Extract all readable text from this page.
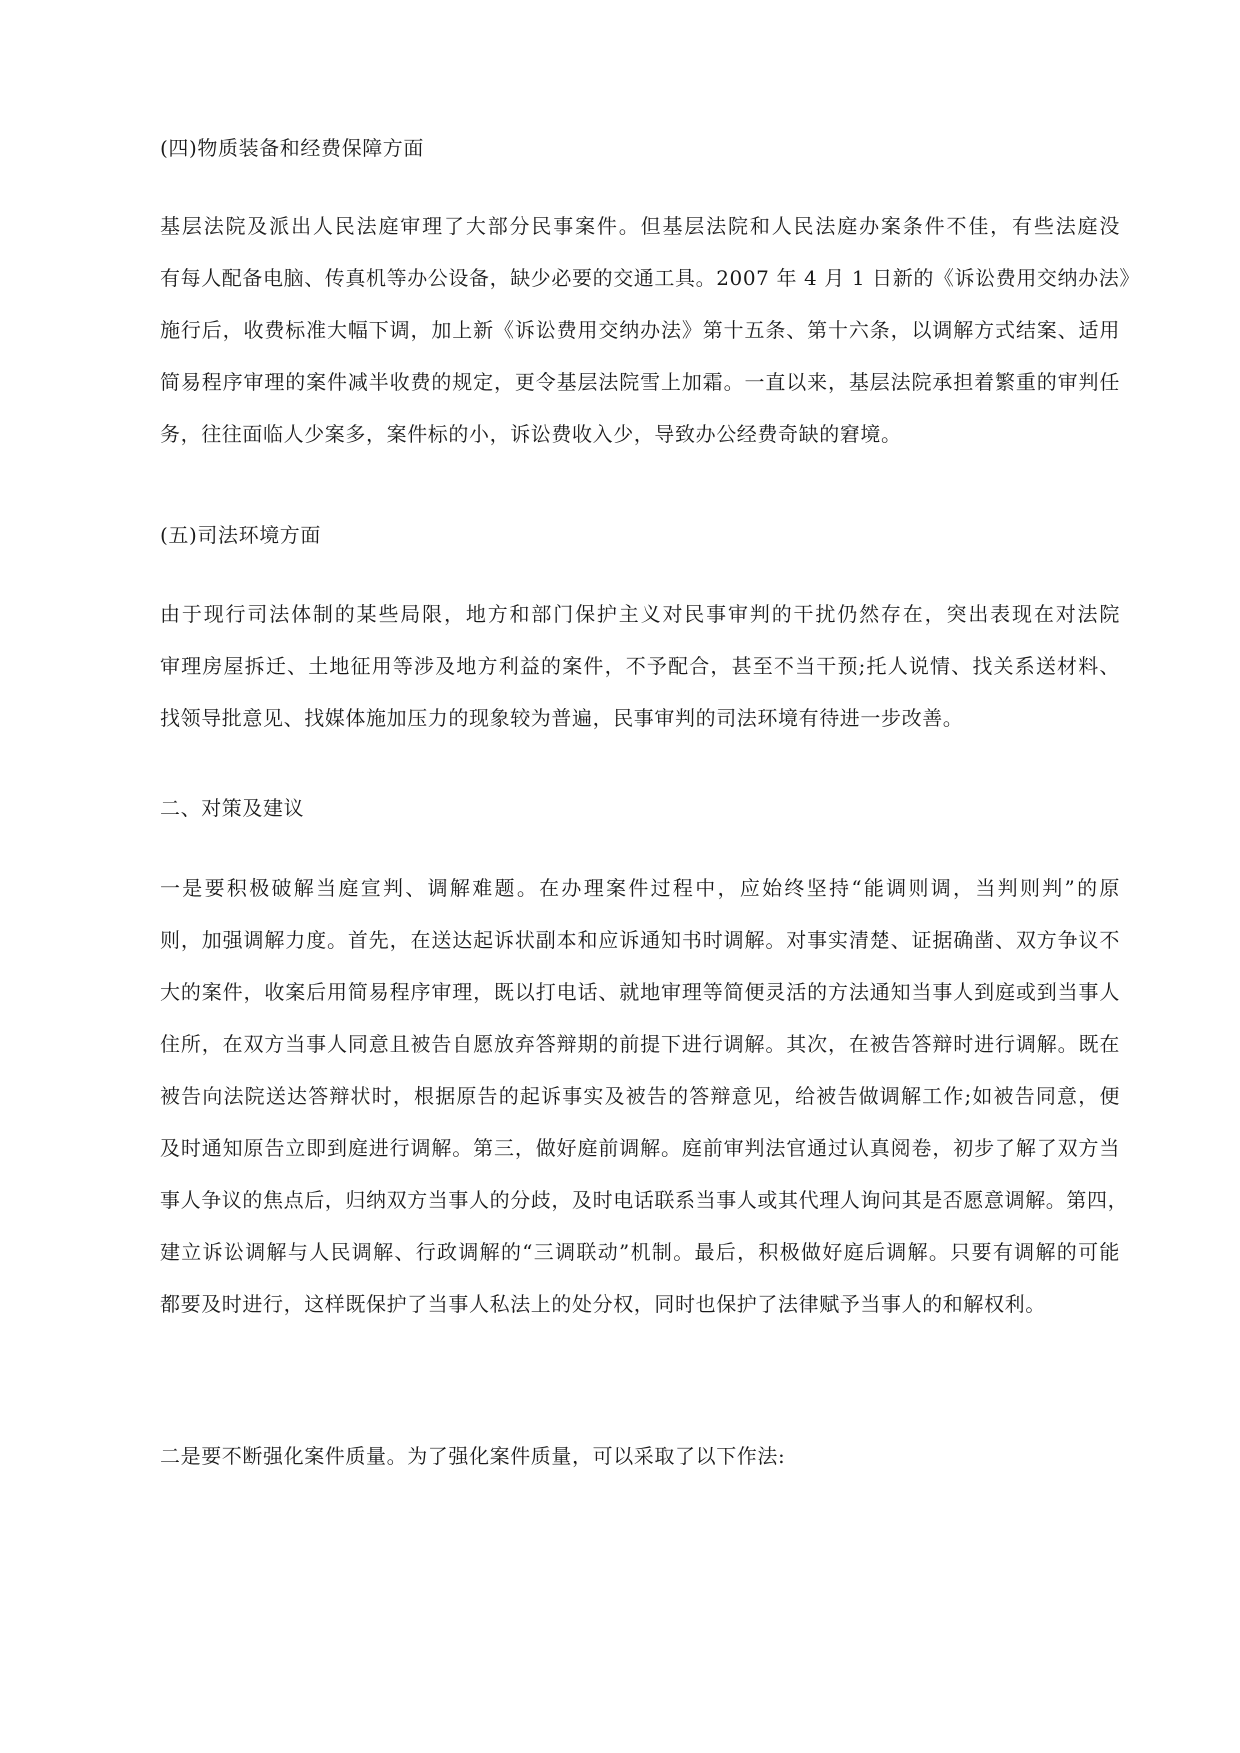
(四)物质装备和经费保障方面
基层法院及派出人民法庭审理了大部分民事案件。但基层法院和人民法庭办案条件不佳，有些法庭没
有每人配备电脑、传真机等办公设备，缺少必要的交通工具。2007 年 4 月 1 日新的《诉讼费用交纳办法》
施行后，收费标准大幅下调，加上新《诉讼费用交纳办法》第十五条、第十六条，以调解方式结案、适用
简易程序审理的案件减半收费的规定，更令基层法院雪上加霜。一直以来，基层法院承担着繁重的审判任
务，往往面临人少案多，案件标的小，诉讼费收入少，导致办公经费奇缺的窘境。
(五)司法环境方面
由于现行司法体制的某些局限，地方和部门保护主义对民事审判的干扰仍然存在，突出表现在对法院
审理房屋拆迁、土地征用等涉及地方利益的案件，不予配合，甚至不当干预;托人说情、找关系送材料、
找领导批意见、找媒体施加压力的现象较为普遍，民事审判的司法环境有待进一步改善。
二、对策及建议
一是要积极破解当庭宣判、调解难题。在办理案件过程中，应始终坚持“能调则调，当判则判”的原
则，加强调解力度。首先，在送达起诉状副本和应诉通知书时调解。对事实清楚、证据确凿、双方争议不
大的案件，收案后用简易程序审理，既以打电话、就地审理等简便灵活的方法通知当事人到庭或到当事人
住所，在双方当事人同意且被告自愿放弃答辩期的前提下进行调解。其次，在被告答辩时进行调解。既在
被告向法院送达答辩状时，根据原告的起诉事实及被告的答辩意见，给被告做调解工作;如被告同意，便
及时通知原告立即到庭进行调解。第三，做好庭前调解。庭前审判法官通过认真阅卷，初步了解了双方当
事人争议的焦点后，归纳双方当事人的分歧，及时电话联系当事人或其代理人询问其是否愿意调解。第四，
建立诉讼调解与人民调解、行政调解的“三调联动”机制。最后，积极做好庭后调解。只要有调解的可能
都要及时进行，这样既保护了当事人私法上的处分权，同时也保护了法律赋予当事人的和解权利。
二是要不断强化案件质量。为了强化案件质量，可以采取了以下作法:
